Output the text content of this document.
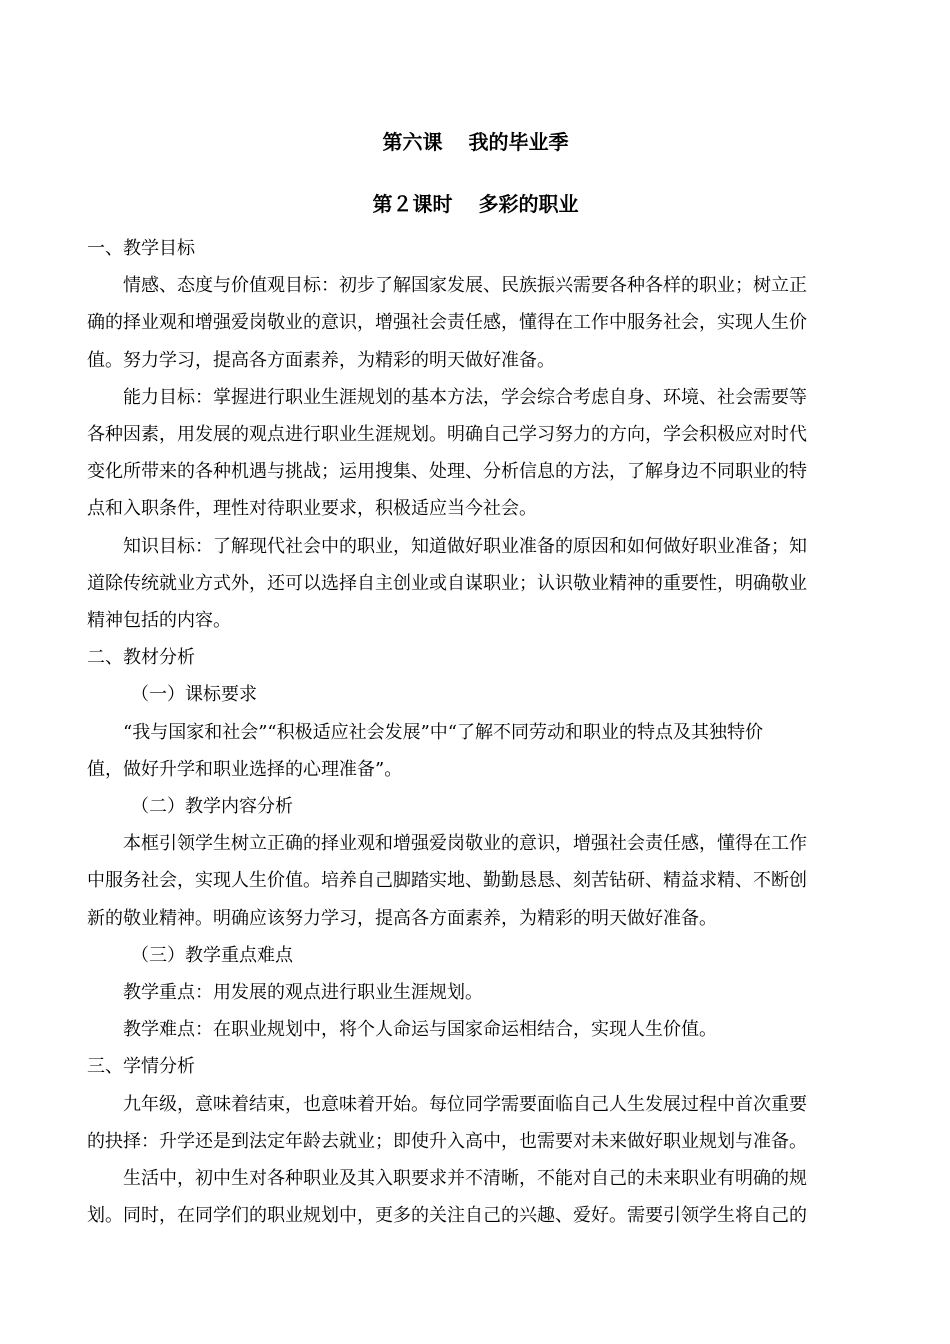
第六课 我的毕业季
第２课时 多彩的职业

一、教学目标

情感、态度与价值观目标：初步了解国家发展、民族振兴需要各种各样的职业；树立正

确的择业观和增强爱岗敬业的意识，增强社会责任感，懂得在工作中服务社会，实现人生价

值。努力学习，提高各方面素养，为精彩的明天做好准备。

能力目标：掌握进行职业生涯规划的基本方法，学会综合考虑自身、环境、社会需要等

各种因素，用发展的观点进行职业生涯规划。明确自己学习努力的方向，学会积极应对时代

变化所带来的各种机遇与挑战；运用搜集、处理、分析信息的方法，了解身边不同职业的特

点和入职条件，理性对待职业要求，积极适应当今社会。

知识目标：了解现代社会中的职业，知道做好职业准备的原因和如何做好职业准备；知

道除传统就业方式外，还可以选择自主创业或自谋职业；认识敬业精神的重要性，明确敬业

精神包括的内容。

二、教材分析

（一）课标要求

“我与国家和社会”“积极适应社会发展”中“了解不同劳动和职业的特点及其独特价

值，做好升学和职业选择的心理准备”。

（二）教学内容分析

本框引领学生树立正确的择业观和增强爱岗敬业的意识，增强社会责任感，懂得在工作

中服务社会，实现人生价值。培养自己脚踏实地、勤勤恳恳、刻苦钻研、精益求精、不断创

新的敬业精神。明确应该努力学习，提高各方面素养，为精彩的明天做好准备。

（三）教学重点难点

教学重点：用发展的观点进行职业生涯规划。

教学难点：在职业规划中，将个人命运与国家命运相结合，实现人生价值。

三、学情分析

九年级，意味着结束，也意味着开始。每位同学需要面临自己人生发展过程中首次重要

的抉择：升学还是到法定年龄去就业；即使升入高中，也需要对未来做好职业规划与准备。

生活中，初中生对各种职业及其入职要求并不清晰，不能对自己的未来职业有明确的规

划。同时，在同学们的职业规划中，更多的关注自己的兴趣、爱好。需要引领学生将自己的
